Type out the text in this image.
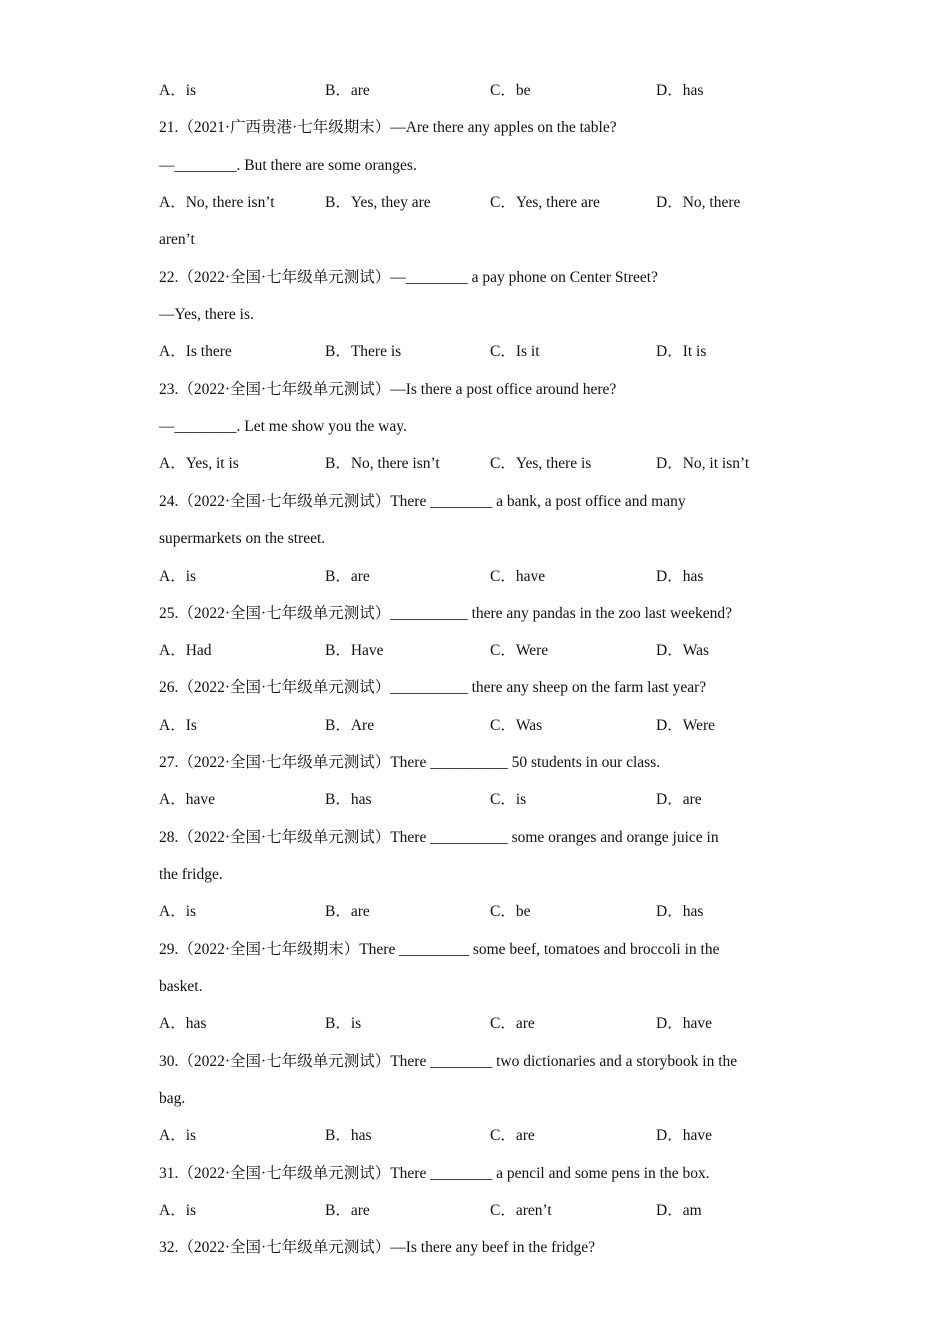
A．is	B．are	C．be	D．has
21.（2021·广西贵港·七年级期末）—Are there any apples on the table?
—________. But there are some oranges.
A．No, there isn’t	B．Yes, they are	C．Yes, there are	D．No, there
aren’t
22.（2022·全国·七年级单元测试）—________ a pay phone on Center Street?
—Yes, there is.
A．Is there	B．There is	C．Is it	D．It is
23.（2022·全国·七年级单元测试）—Is there a post office around here?
—________. Let me show you the way.
A．Yes, it is	B．No, there isn’t	C．Yes, there is	D．No, it isn’t
24.（2022·全国·七年级单元测试）There ________ a bank, a post office and many
supermarkets on the street.
A．is	B．are	C．have	D．has
25.（2022·全国·七年级单元测试）__________ there any pandas in the zoo last weekend?
A．Had	B．Have	C．Were	D．Was
26.（2022·全国·七年级单元测试）__________ there any sheep on the farm last year?
A．Is	B．Are	C．Was	D．Were
27.（2022·全国·七年级单元测试）There __________ 50 students in our class.
A．have	B．has	C．is	D．are
28.（2022·全国·七年级单元测试）There __________ some oranges and orange juice in
the fridge.
A．is	B．are	C．be	D．has
29.（2022·全国·七年级期末）There _________ some beef, tomatoes and broccoli in the
basket.
A．has	B．is	C．are	D．have
30.（2022·全国·七年级单元测试）There ________ two dictionaries and a storybook in the
bag.
A．is	B．has	C．are	D．have
31.（2022·全国·七年级单元测试）There ________ a pencil and some pens in the box.
A．is	B．are	C．aren’t	D．am
32.（2022·全国·七年级单元测试）—Is there any beef in the fridge?
